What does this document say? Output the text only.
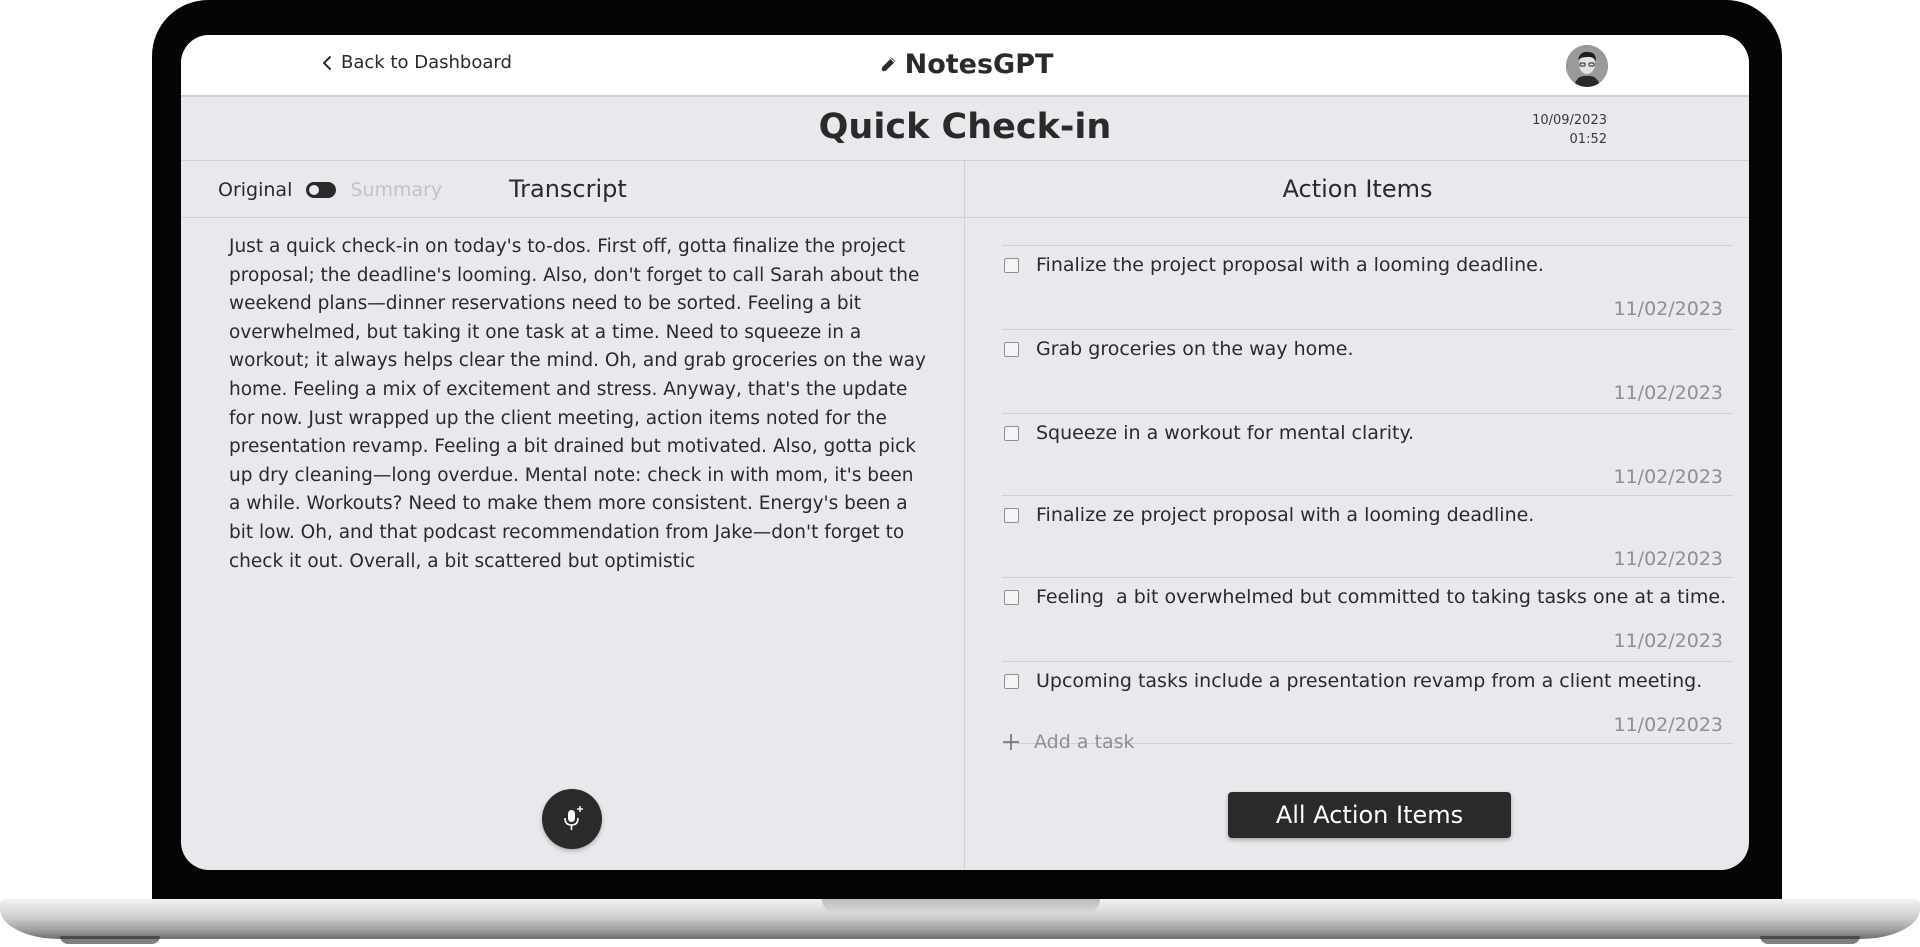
Back to Dashboard	NotesGPT
Quick Check-in	10/09/2023
01:52
Original	Summary	Transcript
Just a quick check-in on today's to-dos. First off, gotta finalize the project proposal; the deadline's looming. Also, don't forget to call Sarah about the weekend plans—dinner reservations need to be sorted. Feeling a bit overwhelmed, but taking it one task at a time. Need to squeeze in a workout; it always helps clear the mind. Oh, and grab groceries on the way home. Feeling a mix of excitement and stress. Anyway, that's the update for now. Just wrapped up the client meeting, action items noted for the presentation revamp. Feeling a bit drained but motivated. Also, gotta pick up dry cleaning—long overdue. Mental note: check in with mom, it's been a while. Workouts? Need to make them more consistent. Energy's been a bit low. Oh, and that podcast recommendation from Jake—don't forget to check it out. Overall, a bit scattered but optimistic
Action Items
Finalize the project proposal with a looming deadline.
11/02/2023
Grab groceries on the way home.
11/02/2023
Squeeze in a workout for mental clarity.
11/02/2023
Finalize ze project proposal with a looming deadline.
11/02/2023
Feeling  a bit overwhelmed but committed to taking tasks one at a time.
11/02/2023
Upcoming tasks include a presentation revamp from a client meeting.
11/02/2023
Add a task
All Action Items
